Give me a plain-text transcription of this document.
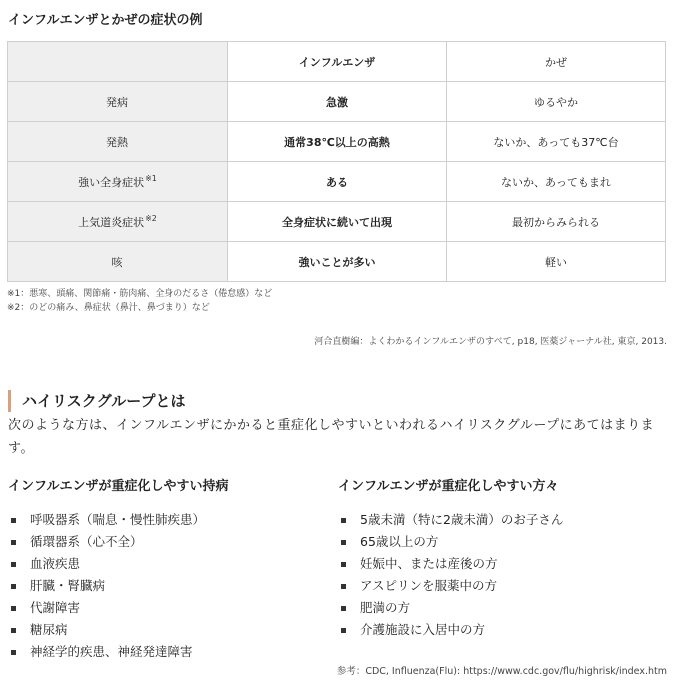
インフルエンザとかぜの症状の例
	インフルエンザ	かぜ
発病	急激	ゆるやか
発熱	通常38℃以上の高熱	ないか、あっても37℃台
強い全身症状$^{※1}$	ある	ないか、あってもまれ
上気道炎症状$^{※2}$	全身症状に続いて出現	最初からみられる
咳	強いことが多い	軽い
※1：悪寒、頭痛、関節痛・筋肉痛、全身のだるさ（倦怠感）など
※2：のどの痛み、鼻症状（鼻汁、鼻づまり）など
河合直樹編：よくわかるインフルエンザのすべて, p18, 医薬ジャーナル社, 東京, 2013.
ハイリスクグループとは

次のような方は、インフルエンザにかかると重症化しやすいといわれるハイリスクグループにあてはまります。

インフルエンザが重症化しやすい持病
呼吸器系（喘息・慢性肺疾患）
循環器系（心不全）
血液疾患
肝臓・腎臓病
代謝障害
糖尿病
神経学的疾患、神経発達障害
インフルエンザが重症化しやすい方々
5歳未満（特に2歳未満）のお子さん
65歳以上の方
妊娠中、または産後の方
アスピリンを服薬中の方
肥満の方
介護施設に入居中の方
参考：CDC, Influenza(Flu): https://www.cdc.gov/flu/highrisk/index.htm
